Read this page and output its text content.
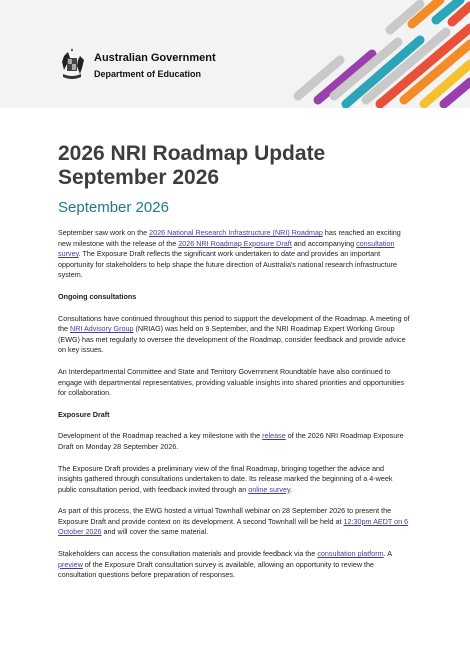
Australian Government
Department of Education
2026 NRI Roadmap Update
September 2026
September 2026

September saw work on the 2026 National Research Infrastructure (NRI) Roadmap has reached an exciting new milestone with the release of the 2026 NRI Roadmap Exposure Draft and accompanying consultation survey. The Exposure Draft reflects the significant work undertaken to date and provides an important opportunity for stakeholders to help shape the future direction of Australia's national research infrastructure system.

Ongoing consultations

Consultations have continued throughout this period to support the development of the Roadmap. A meeting of the NRI Advisory Group (NRIAG) was held on 9 September, and the NRI Roadmap Expert Working Group (EWG) has met regularly to oversee the development of the Roadmap, consider feedback and provide advice on key issues.

An Interdepartmental Committee and State and Territory Government Roundtable have also continued to engage with departmental representatives, providing valuable insights into shared priorities and opportunities for collaboration.

Exposure Draft

Development of the Roadmap reached a key milestone with the release of the 2026 NRI Roadmap Exposure Draft on Monday 28 September 2026.

The Exposure Draft provides a preliminary view of the final Roadmap, bringing together the advice and insights gathered through consultations undertaken to date. Its release marked the beginning of a 4-week public consultation period, with feedback invited through an online survey.

As part of this process, the EWG hosted a virtual Townhall webinar on 28 September 2026 to present the Exposure Draft and provide context on its development. A second Townhall will be held at 12:30pm AEDT on 6 October 2026 and will cover the same material.

Stakeholders can access the consultation materials and provide feedback via the consultation platform. A preview of the Exposure Draft consultation survey is available, allowing an opportunity to review the consultation questions before preparation of responses.
